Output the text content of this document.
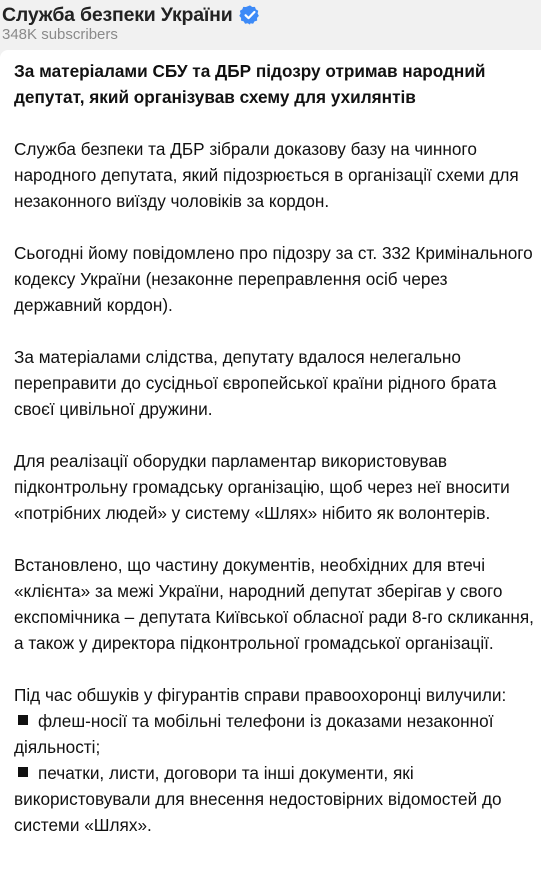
Служба безпеки України
348K subscribers

За матеріалами СБУ та ДБР підозру отримав народний депутат, який організував схему для ухилянтів

Служба безпеки та ДБР зібрали доказову базу на чинного народного депутата, який підозрюється в організації схеми для незаконного виїзду чоловіків за кордон.

Сьогодні йому повідомлено про підозру за ст. 332 Кримінального кодексу України (незаконне переправлення осіб через державний кордон).

За матеріалами слідства, депутату вдалося нелегально переправити до сусідньої європейської країни рідного брата своєї цивільної дружини.

Для реалізації оборудки парламентар використовував підконтрольну громадську організацію, щоб через неї вносити «потрібних людей» у систему «Шлях» нібито як волонтерів.

Встановлено, що частину документів, необхідних для втечі «клієнта» за межі України, народний депутат зберігав у свого експомічника – депутата Київської обласної ради 8-го скликання, а також у директора підконтрольної громадської організації.

Під час обшуків у фігурантів справи правоохоронці вилучили:

флеш-носії та мобільні телефони із доказами незаконної діяльності;

печатки, листи, договори та інші документи, які використовували для внесення недостовірних відомостей до системи «Шлях».
